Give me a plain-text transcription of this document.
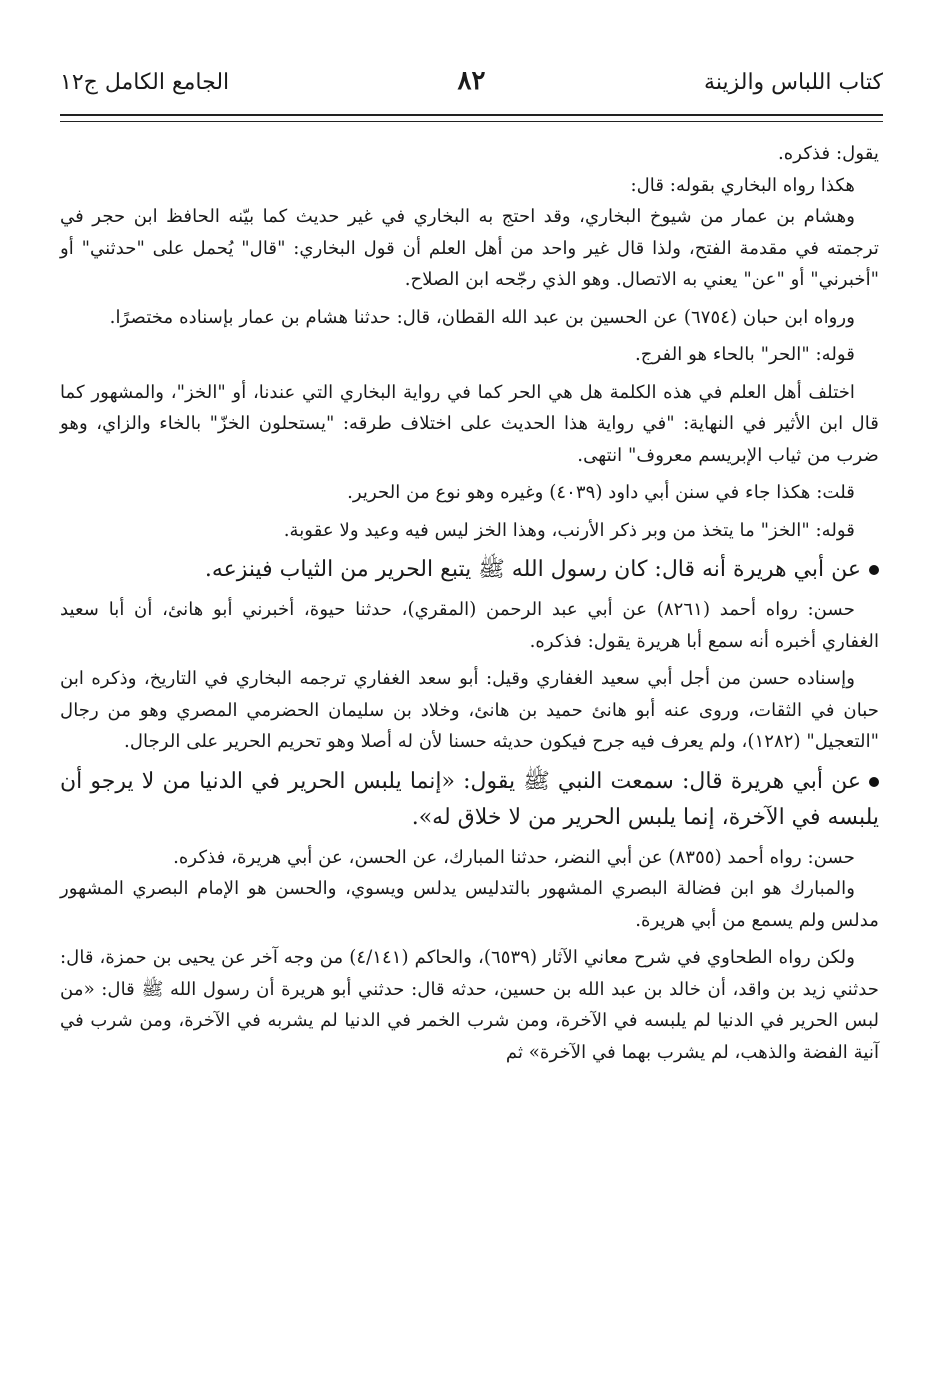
كتاب اللباس والزينة
٨٢
الجامع الكامل ج١٢

يقول: فذكره.

هكذا رواه البخاري بقوله: قال:

وهشام بن عمار من شيوخ البخاري، وقد احتج به البخاري في غير حديث كما بيّنه الحافظ ابن حجر في ترجمته في مقدمة الفتح، ولذا قال غير واحد من أهل العلم أن قول البخاري: "قال" يُحمل على "حدثني" أو "أخبرني" أو "عن" يعني به الاتصال. وهو الذي رجّحه ابن الصلاح.

ورواه ابن حبان (٦٧٥٤) عن الحسين بن عبد الله القطان، قال: حدثنا هشام بن عمار بإسناده مختصرًا.

قوله: "الحر" بالحاء هو الفرج.

اختلف أهل العلم في هذه الكلمة هل هي الحر كما في رواية البخاري التي عندنا، أو "الخز"، والمشهور كما قال ابن الأثير في النهاية: "في رواية هذا الحديث على اختلاف طرقه: "يستحلون الخزّ" بالخاء والزاي، وهو ضرب من ثياب الإبريسم معروف" انتهى.

قلت: هكذا جاء في سنن أبي داود (٤٠٣٩) وغيره وهو نوع من الحرير.

قوله: "الخز" ما يتخذ من وبر ذكر الأرنب، وهذا الخز ليس فيه وعيد ولا عقوبة.

عن أبي هريرة أنه قال: كان رسول الله ﷺ يتبع الحرير من الثياب فينزعه.

حسن: رواه أحمد (٨٢٦١) عن أبي عبد الرحمن (المقري)، حدثنا حيوة، أخبرني أبو هانئ، أن أبا سعيد الغفاري أخبره أنه سمع أبا هريرة يقول: فذكره.

وإسناده حسن من أجل أبي سعيد الغفاري وقيل: أبو سعد الغفاري ترجمه البخاري في التاريخ، وذكره ابن حبان في الثقات، وروى عنه أبو هانئ حميد بن هانئ، وخلاد بن سليمان الحضرمي المصري وهو من رجال "التعجيل" (١٢٨٢)، ولم يعرف فيه جرح فيكون حديثه حسنا لأن له أصلا وهو تحريم الحرير على الرجال.

عن أبي هريرة قال: سمعت النبي ﷺ يقول: «إنما يلبس الحرير في الدنيا من لا يرجو أن يلبسه في الآخرة، إنما يلبس الحرير من لا خلاق له».

حسن: رواه أحمد (٨٣٥٥) عن أبي النضر، حدثنا المبارك، عن الحسن، عن أبي هريرة، فذكره.

والمبارك هو ابن فضالة البصري المشهور بالتدليس يدلس ويسوي، والحسن هو الإمام البصري المشهور مدلس ولم يسمع من أبي هريرة.

ولكن رواه الطحاوي في شرح معاني الآثار (٦٥٣٩)، والحاكم (٤/١٤١) من وجه آخر عن يحيى بن حمزة، قال: حدثني زيد بن واقد، أن خالد بن عبد الله بن حسين، حدثه قال: حدثني أبو هريرة أن رسول الله ﷺ قال: «من لبس الحرير في الدنيا لم يلبسه في الآخرة، ومن شرب الخمر في الدنيا لم يشربه في الآخرة، ومن شرب في آنية الفضة والذهب، لم يشرب بهما في الآخرة» ثم
